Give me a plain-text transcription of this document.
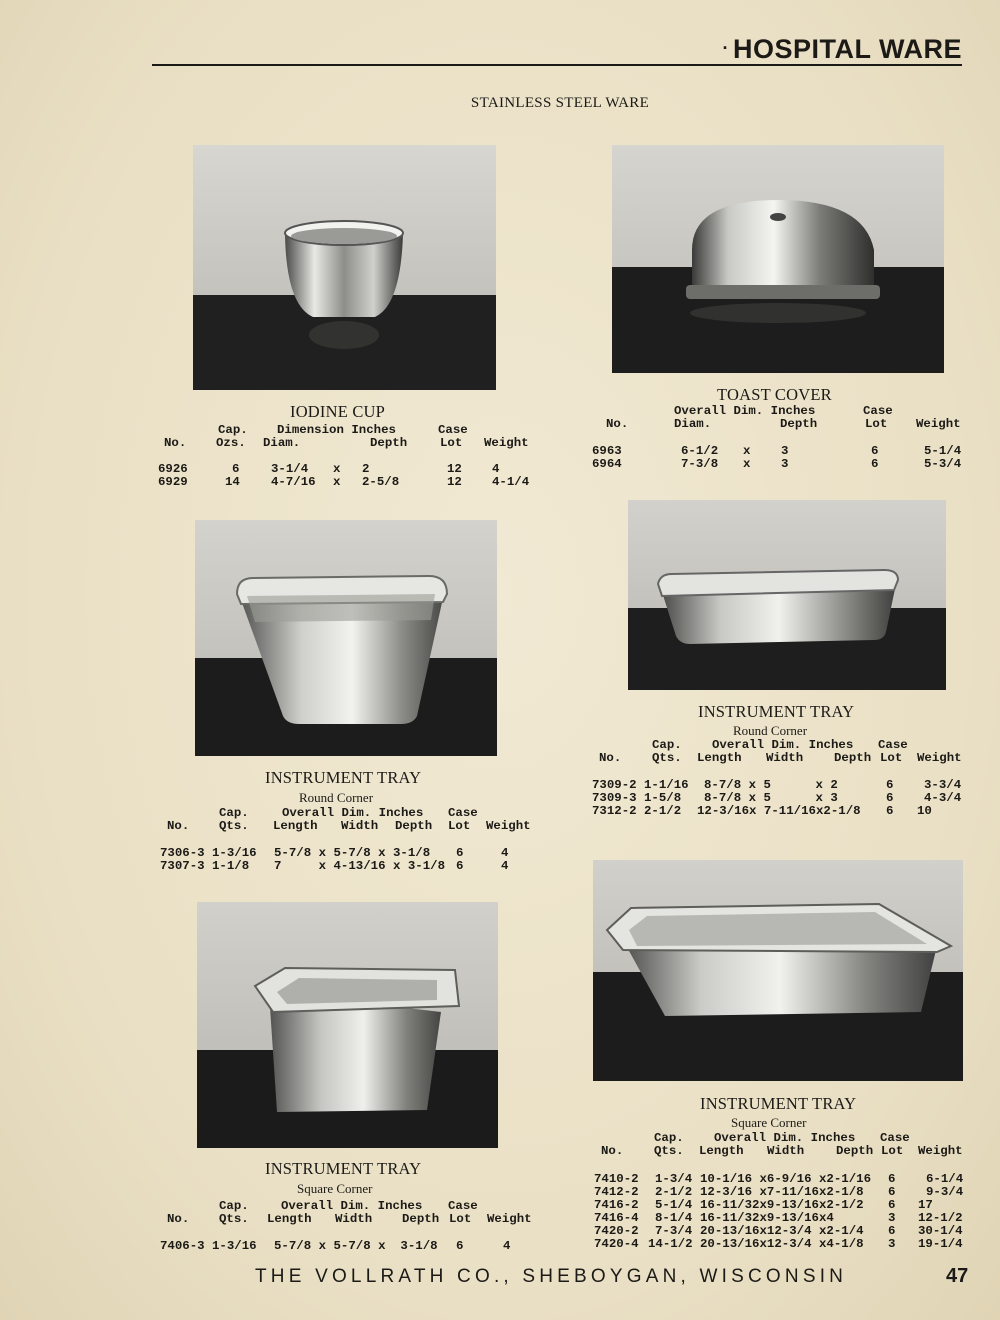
· HOSPITAL WARE
STAINLESS STEEL WARE
IODINE CUP
Cap. Dimension Inches	Case
No. Ozs. Diam.	Depth	Lot Weight
6926	6	3-1/4 x 2	12 4
6929	14	4-7/16 x 2-5/8	12 4-1/4
TOAST COVER
Overall Dim. Inches	Case
No.	Diam.	Depth	Lot Weight
6963	6-1/2 x 3	6	5-1/4
6964	7-3/8 x 3	6	5-3/4
INSTRUMENT TRAY
Round Corner
Cap.	Overall Dim. Inches Case
No. Qts. Length Width Depth Lot Weight
7306-3 1-3/16 5-7/8 x 5-7/8 x 3-1/8 6	4
7307-3 1-1/8 7     x 4-13/16 x 3-1/8 6	4
INSTRUMENT TRAY
Round Corner
Cap. Overall Dim. Inches Case
No. Qts. Length Width Depth Lot Weight
7309-2 1-1/16 8-7/8 x 5      x 2	6 3-3/4
7309-3 1-5/8 8-7/8 x 5      x 3	6 4-3/4
7312-2 2-1/2 12-3/16x 7-11/16x2-1/8 6 10
INSTRUMENT TRAY
Square Corner
Cap.	Overall Dim. Inches Case
No. Qts. Length Width Depth Lot Weight
7406-3 1-3/16 5-7/8 x 5-7/8 x  3-1/8 6	4
INSTRUMENT TRAY
Square Corner
Cap. Overall Dim. Inches Case
No. Qts. Length Width	Depth Lot Weight
7410-2 1-3/4 10-1/16 x6-9/16 x2-1/16 6 6-1/4
7412-2 2-1/2 12-3/16 x7-11/16x2-1/8 6 9-3/4
7416-2 5-1/4 16-11/32x9-13/16x2-1/2 6 17
7416-4 8-1/4 16-11/32x9-13/16x4	3 12-1/2
7420-2 7-3/4 20-13/16x12-3/4 x2-1/4 6 30-1/4
7420-4 14-1/2 20-13/16x12-3/4 x4-1/8 3 19-1/4
THE VOLLRATH CO., SHEBOYGAN, WISCONSIN	47
